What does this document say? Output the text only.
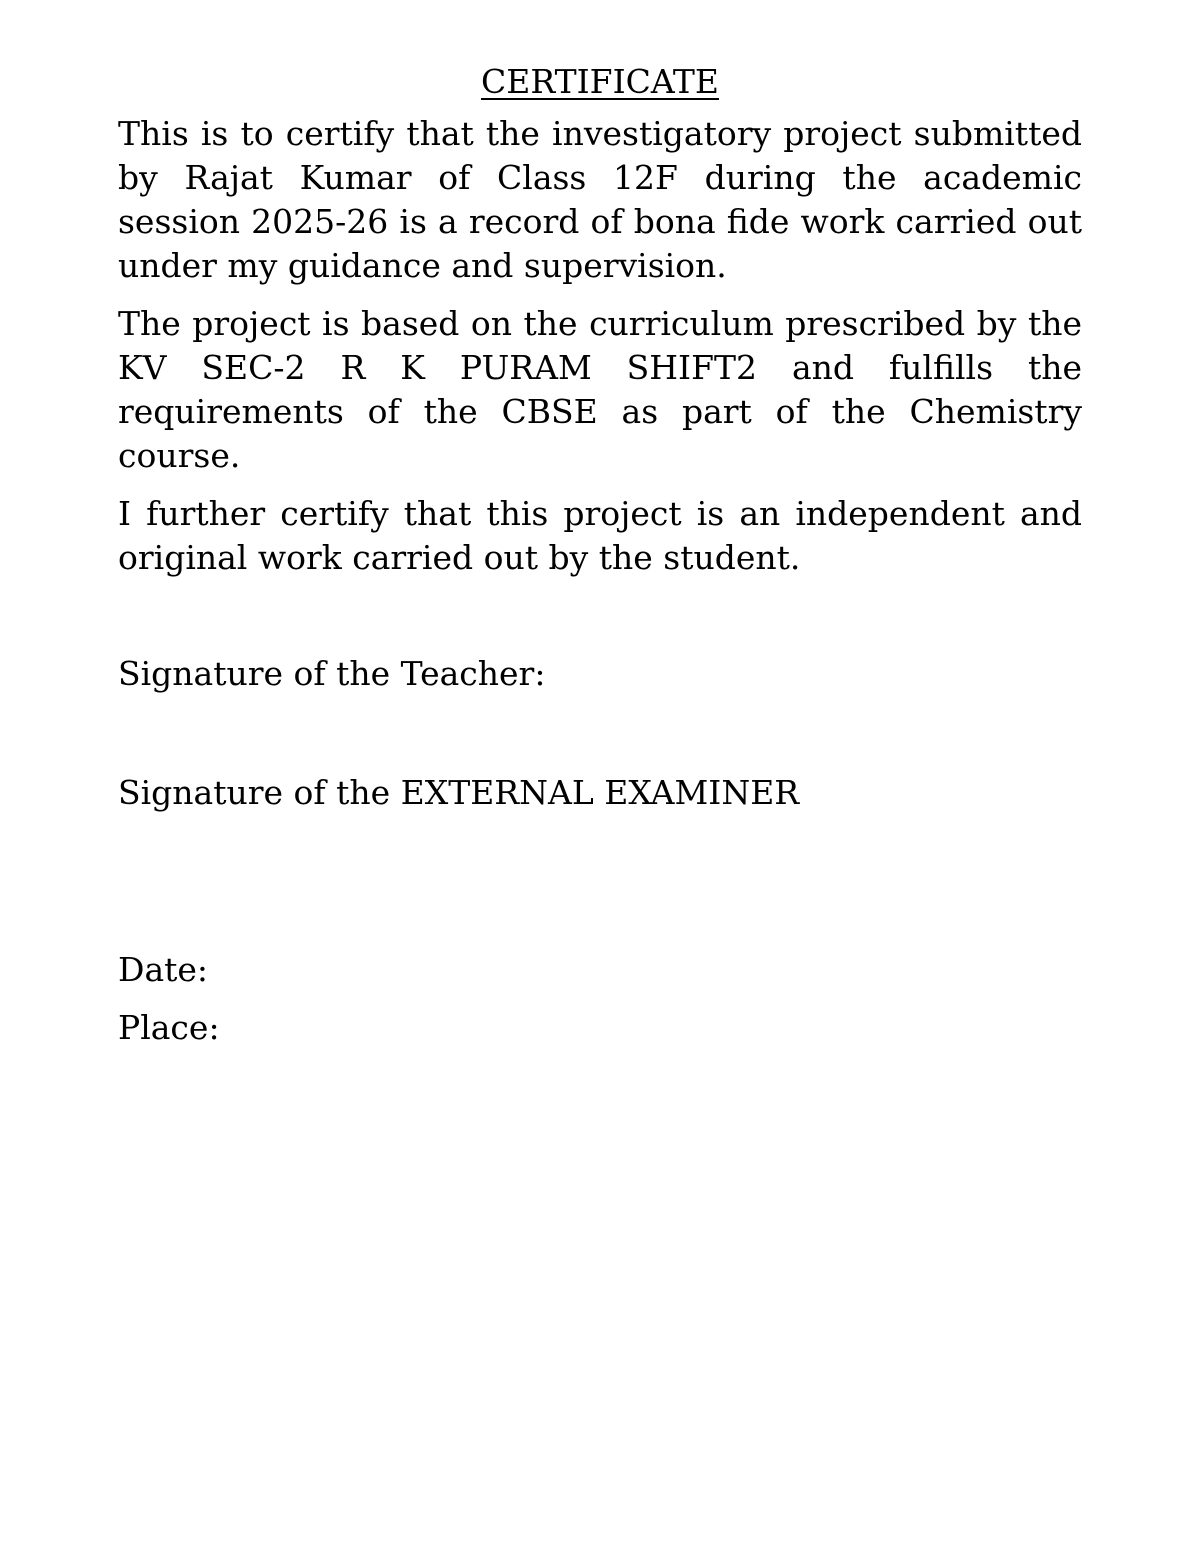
CERTIFICATE

This is to certify that the investigatory project submitted by Rajat Kumar of Class 12F during the academic session 2025-26 is a record of bona fide work carried out under my guidance and supervision.

The project is based on the curriculum prescribed by the KV SEC-2 R K PURAM SHIFT2 and fulfills the requirements of the CBSE as part of the Chemistry course.

I further certify that this project is an independent and original work carried out by the student.

Signature of the Teacher:
Signature of the EXTERNAL EXAMINER
Date:
Place:
